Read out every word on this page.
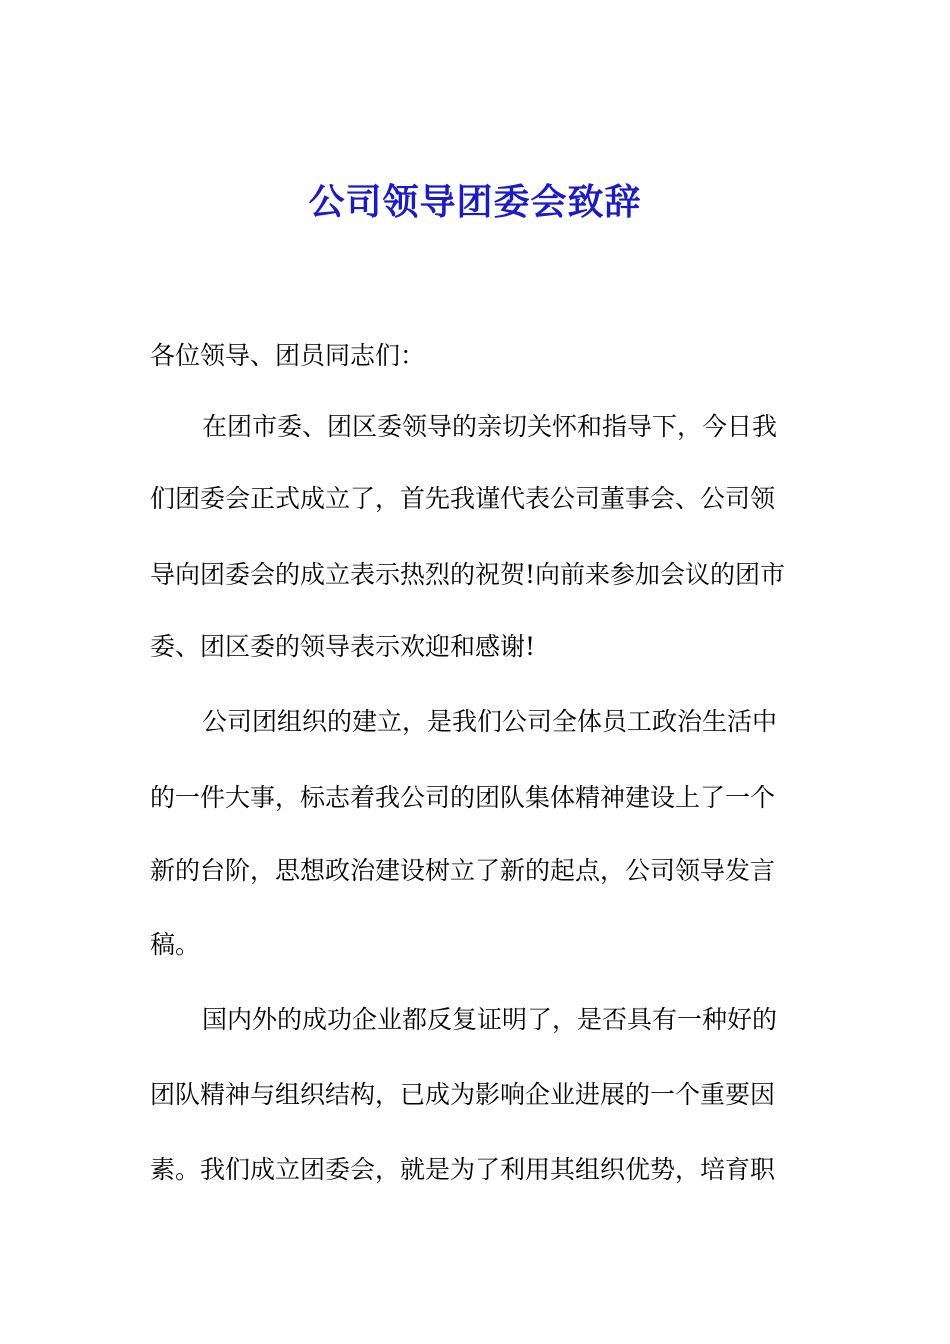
公司领导团委会致辞

各位领导、团员同志们：

在团市委、团区委领导的亲切关怀和指导下，今日我

们团委会正式成立了，首先我谨代表公司董事会、公司领

导向团委会的成立表示热烈的祝贺!向前来参加会议的团市

委、团区委的领导表示欢迎和感谢!

公司团组织的建立，是我们公司全体员工政治生活中

的一件大事，标志着我公司的团队集体精神建设上了一个

新的台阶，思想政治建设树立了新的起点，公司领导发言

稿。

国内外的成功企业都反复证明了，是否具有一种好的

团队精神与组织结构，已成为影响企业进展的一个重要因

素。我们成立团委会，就是为了利用其组织优势，培育职
